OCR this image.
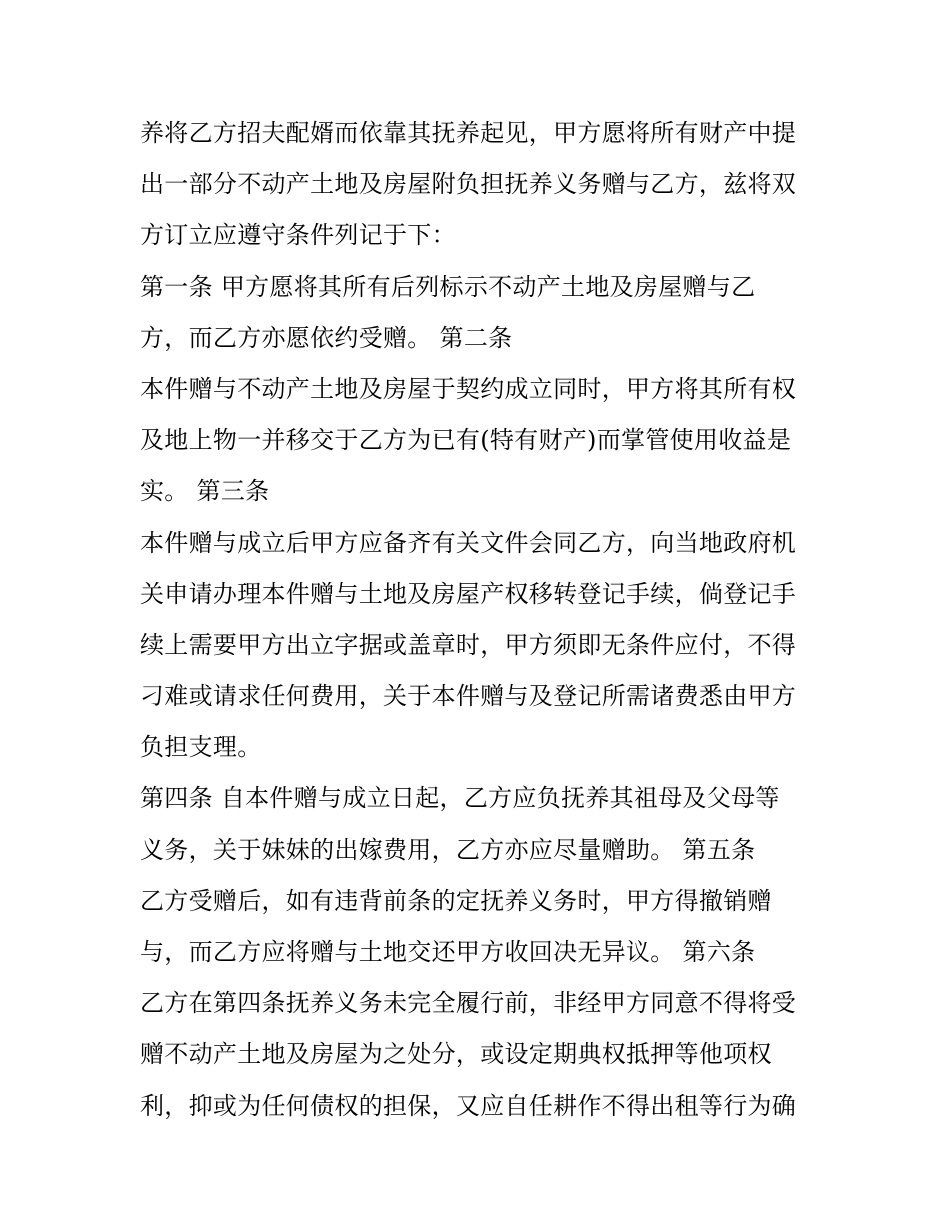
养将乙方招夫配婿而依靠其抚养起见，甲方愿将所有财产中提
出一部分不动产土地及房屋附负担抚养义务赠与乙方，兹将双
方订立应遵守条件列记于下：
第一条 甲方愿将其所有后列标示不动产土地及房屋赠与乙
方，而乙方亦愿依约受赠。 第二条
本件赠与不动产土地及房屋于契约成立同时，甲方将其所有权
及地上物一并移交于乙方为已有(特有财产)而掌管使用收益是
实。 第三条
本件赠与成立后甲方应备齐有关文件会同乙方，向当地政府机
关申请办理本件赠与土地及房屋产权移转登记手续，倘登记手
续上需要甲方出立字据或盖章时，甲方须即无条件应付，不得
刁难或请求任何费用，关于本件赠与及登记所需诸费悉由甲方
负担支理。
第四条 自本件赠与成立日起，乙方应负抚养其祖母及父母等
义务，关于妹妹的出嫁费用，乙方亦应尽量赠助。 第五条
乙方受赠后，如有违背前条的定抚养义务时，甲方得撤销赠
与，而乙方应将赠与土地交还甲方收回决无异议。 第六条
乙方在第四条抚养义务未完全履行前，非经甲方同意不得将受
赠不动产土地及房屋为之处分，或设定期典权抵押等他项权
利，抑或为任何债权的担保，又应自任耕作不得出租等行为确
